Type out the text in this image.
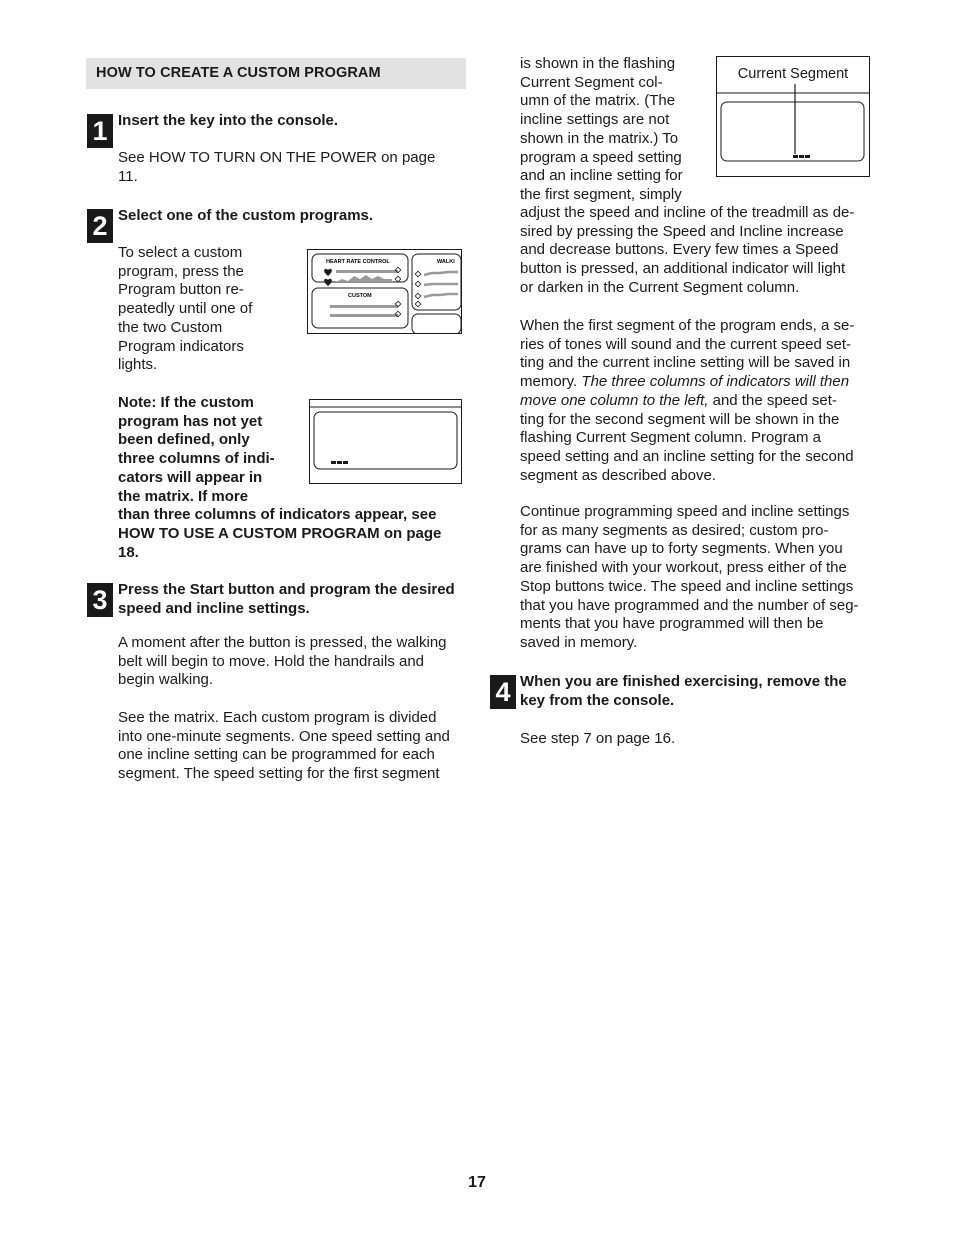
HOW TO CREATE A CUSTOM PROGRAM
1 Insert the key into the console.

See HOW TO TURN ON THE POWER on page

11.

2 Select one of the custom programs.

To select a custom

program, press the

Program button re-

peatedly until one of

the two Custom

Program indicators

lights.

HEART RATE CONTROL
CUSTOM
WALKI

Note: If the custom

program has not yet

been defined, only

three columns of indi-

cators will appear in

the matrix. If more

than three columns of indicators appear, see

HOW TO USE A CUSTOM PROGRAM on page

18.

3 Press the Start button and program the desired

speed and incline settings.

A moment after the button is pressed, the walking

belt will begin to move. Hold the handrails and

begin walking.

See the matrix. Each custom program is divided

into one-minute segments. One speed setting and

one incline setting can be programmed for each

segment. The speed setting for the first segment

is shown in the flashing

Current Segment col-

umn of the matrix. (The

incline settings are not

shown in the matrix.) To

program a speed setting

and an incline setting for

the first segment, simply

Current Segment

adjust the speed and incline of the treadmill as de-

sired by pressing the Speed and Incline increase

and decrease buttons. Every few times a Speed

button is pressed, an additional indicator will light

or darken in the Current Segment column.

When the first segment of the program ends, a se-

ries of tones will sound and the current speed set-

ting and the current incline setting will be saved in

memory. The three columns of indicators will then

move one column to the left, and the speed set-

ting for the second segment will be shown in the

flashing Current Segment column. Program a

speed setting and an incline setting for the second

segment as described above.

Continue programming speed and incline settings

for as many segments as desired; custom pro-

grams can have up to forty segments. When you

are finished with your workout, press either of the

Stop buttons twice. The speed and incline settings

that you have programmed and the number of seg-

ments that you have programmed will then be

saved in memory.

4 When you are finished exercising, remove the

key from the console.

See step 7 on page 16.

17
